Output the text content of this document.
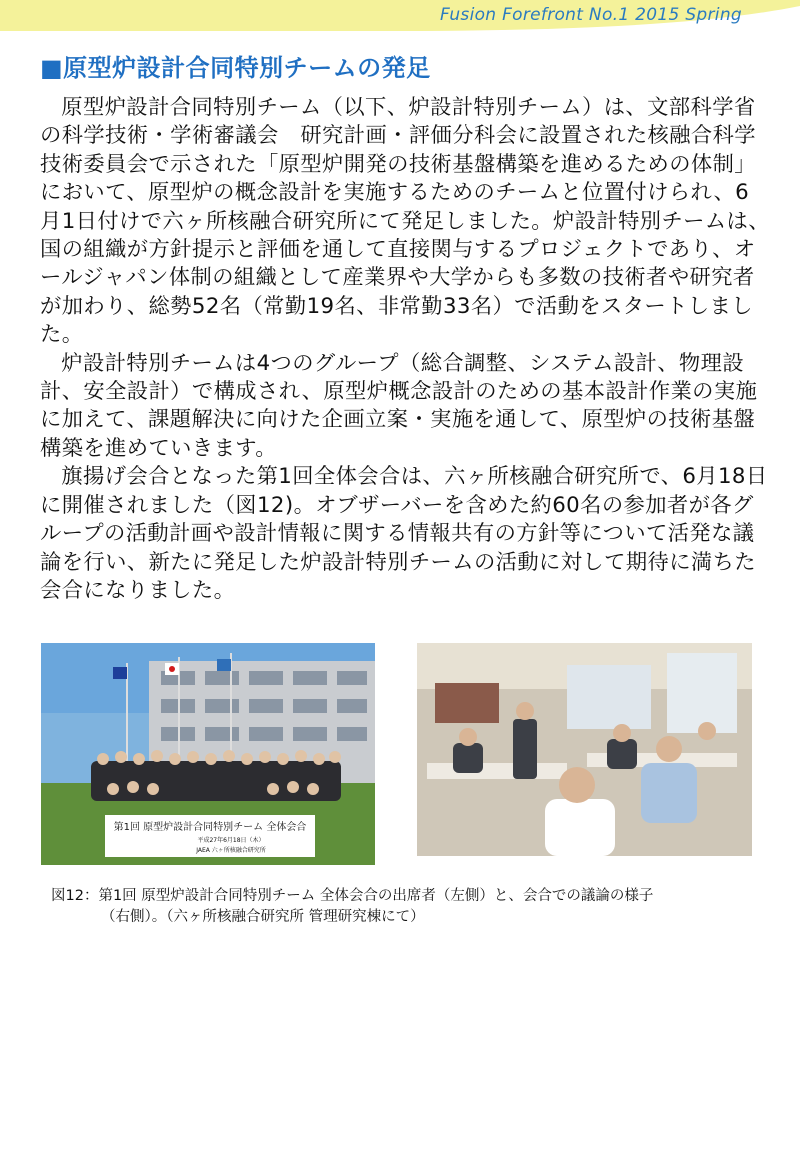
Fusion Forefront No.1 2015 Spring
■原型炉設計合同特別チームの発足

原型炉設計合同特別チーム（以下、炉設計特別チーム）は、文部科学省の科学技術・学術審議会　研究計画・評価分科会に設置された核融合科学技術委員会で示された「原型炉開発の技術基盤構築を進めるための体制」において、原型炉の概念設計を実施するためのチームと位置付けられ、6月1日付けで六ヶ所核融合研究所にて発足しました。炉設計特別チームは、国の組織が方針提示と評価を通して直接関与するプロジェクトであり、オールジャパン体制の組織として産業界や大学からも多数の技術者や研究者が加わり、総勢52名（常勤19名、非常勤33名）で活動をスタートしました。

炉設計特別チームは4つのグループ（総合調整、システム設計、物理設計、安全設計）で構成され、原型炉概念設計のための基本設計作業の実施に加えて、課題解決に向けた企画立案・実施を通して、原型炉の技術基盤構築を進めていきます。

旗揚げ会合となった第1回全体会合は、六ヶ所核融合研究所で、6月18日に開催されました（図12)。オブザーバーを含めた約60名の参加者が各グループの活動計画や設計情報に関する情報共有の方針等について活発な議論を行い、新たに発足した炉設計特別チームの活動に対して期待に満ちた会合になりました。

第1回 原型炉設計合同特別チーム 全体会合
平成27年6月18日（木）
JAEA 六ヶ所核融合研究所
図12：第1回 原型炉設計合同特別チーム 全体会合の出席者（左側）と、会合での議論の様子
（右側）。（六ヶ所核融合研究所 管理研究棟にて）
